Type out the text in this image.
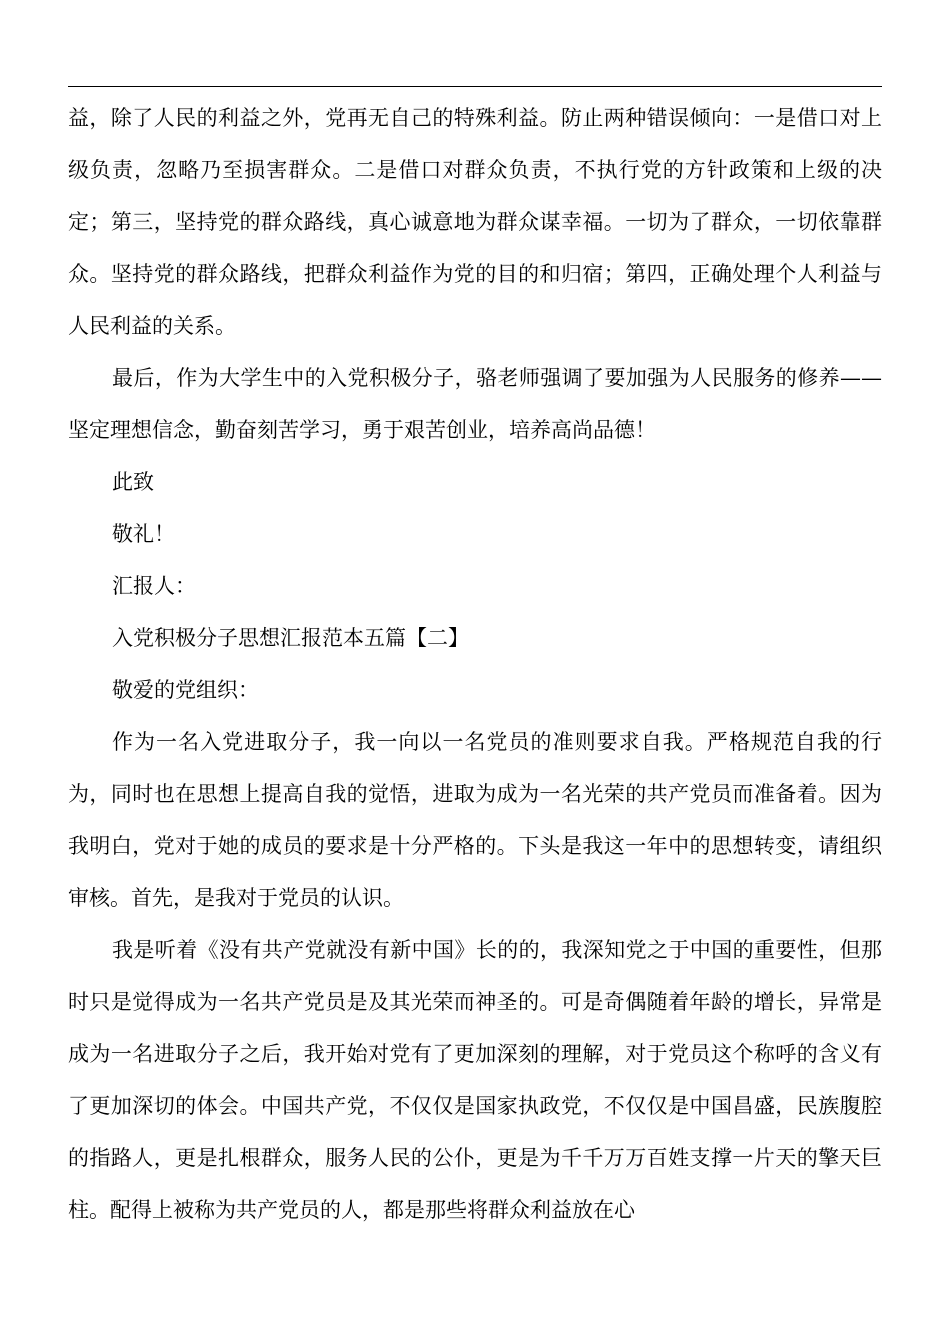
益，除了人民的利益之外，党再无自己的特殊利益。防止两种错误倾向：一是借口对上级负责，忽略乃至损害群众。二是借口对群众负责，不执行党的方针政策和上级的决定；第三，坚持党的群众路线，真心诚意地为群众谋幸福。一切为了群众，一切依靠群众。坚持党的群众路线，把群众利益作为党的目的和归宿；第四，正确处理个人利益与人民利益的关系。

最后，作为大学生中的入党积极分子，骆老师强调了要加强为人民服务的修养——坚定理想信念，勤奋刻苦学习，勇于艰苦创业，培养高尚品德！

此致

敬礼！

汇报人：

入党积极分子思想汇报范本五篇【二】

敬爱的党组织：

作为一名入党进取分子，我一向以一名党员的准则要求自我。严格规范自我的行为，同时也在思想上提高自我的觉悟，进取为成为一名光荣的共产党员而准备着。因为我明白，党对于她的成员的要求是十分严格的。下头是我这一年中的思想转变，请组织审核。首先，是我对于党员的认识。

我是听着《没有共产党就没有新中国》长的的，我深知党之于中国的重要性，但那时只是觉得成为一名共产党员是及其光荣而神圣的。可是奇偶随着年龄的增长，异常是成为一名进取分子之后，我开始对党有了更加深刻的理解，对于党员这个称呼的含义有了更加深切的体会。中国共产党，不仅仅是国家执政党，不仅仅是中国昌盛，民族腹腔的指路人，更是扎根群众，服务人民的公仆，更是为千千万万百姓支撑一片天的擎天巨柱。配得上被称为共产党员的人，都是那些将群众利益放在心
